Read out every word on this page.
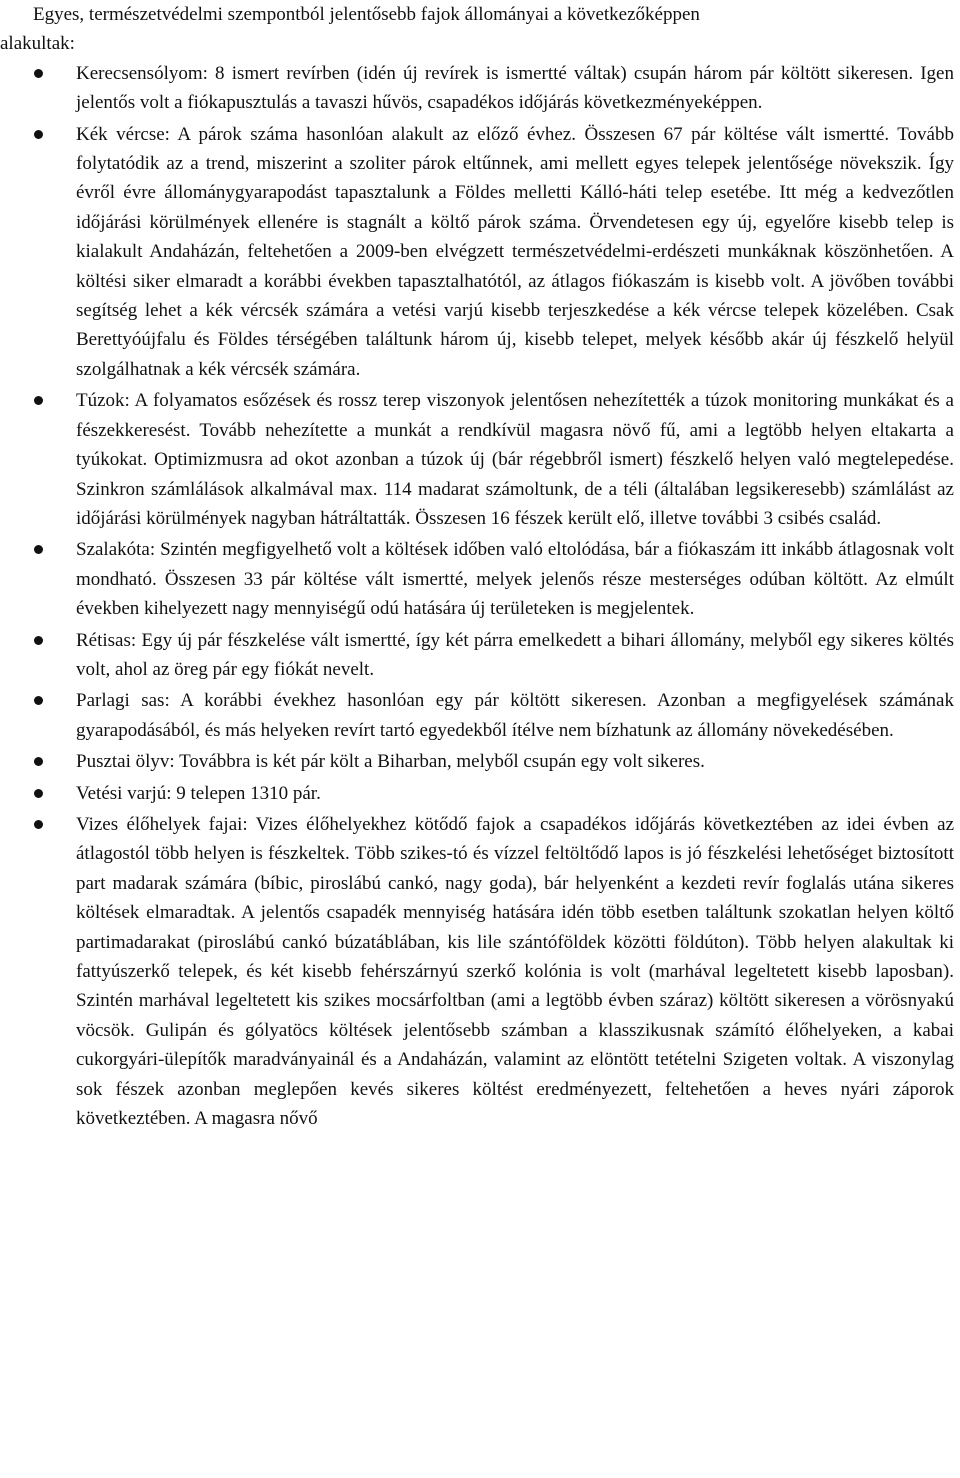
Egyes, természetvédelmi szempontból jelentősebb fajok állományai a következőképpen
alakultak:

Kerecsensólyom: 8 ismert revírben (idén új revírek is ismertté váltak) csupán három pár költött sikeresen. Igen jelentős volt a fiókapusztulás a tavaszi hűvös, csapadékos időjárás következményeképpen.
Kék vércse: A párok száma hasonlóan alakult az előző évhez. Összesen 67 pár költése vált ismertté. Tovább folytatódik az a trend, miszerint a szoliter párok eltűnnek, ami mellett egyes telepek jelentősége növekszik. Így évről évre állománygyarapodást tapasztalunk a Földes melletti Kálló-háti telep esetébe. Itt még a kedvezőtlen időjárási körülmények ellenére is stagnált a költő párok száma. Örvendetesen egy új, egyelőre kisebb telep is kialakult Andaházán, feltehetően a 2009-ben elvégzett természetvédelmi-erdészeti munkáknak köszönhetően. A költési siker elmaradt a korábbi években tapasztalhatótól, az átlagos fiókaszám is kisebb volt. A jövőben további segítség lehet a kék vércsék számára a vetési varjú kisebb terjeszkedése a kék vércse telepek közelében. Csak Berettyóújfalu és Földes térségében találtunk három új, kisebb telepet, melyek később akár új fészkelő helyül szolgálhatnak a kék vércsék számára.
Túzok: A folyamatos esőzések és rossz terep viszonyok jelentősen nehezítették a túzok monitoring munkákat és a fészekkeresést. Tovább nehezítette a munkát a rendkívül magasra növő fű, ami a legtöbb helyen eltakarta a tyúkokat. Optimizmusra ad okot azonban a túzok új (bár régebbről ismert) fészkelő helyen való megtelepedése. Szinkron számlálások alkalmával max. 114 madarat számoltunk, de a téli (általában legsikeresebb) számlálást az időjárási körülmények nagyban hátráltatták. Összesen 16 fészek került elő, illetve további 3 csibés család.
Szalakóta: Szintén megfigyelhető volt a költések időben való eltolódása, bár a fiókaszám itt inkább átlagosnak volt mondható. Összesen 33 pár költése vált ismertté, melyek jelenős része mesterséges odúban költött. Az elmúlt években kihelyezett nagy mennyiségű odú hatására új területeken is megjelentek.
Rétisas: Egy új pár fészkelése vált ismertté, így két párra emelkedett a bihari állomány, melyből egy sikeres költés volt, ahol az öreg pár egy fiókát nevelt.
Parlagi sas: A korábbi évekhez hasonlóan egy pár költött sikeresen. Azonban a megfigyelések számának gyarapodásából, és más helyeken revírt tartó egyedekből ítélve nem bízhatunk az állomány növekedésében.
Pusztai ölyv: Továbbra is két pár költ a Biharban, melyből csupán egy volt sikeres.
Vetési varjú: 9 telepen 1310 pár.
Vizes élőhelyek fajai: Vizes élőhelyekhez kötődő fajok a csapadékos időjárás következtében az idei évben az átlagostól több helyen is fészkeltek. Több szikes-tó és vízzel feltöltődő lapos is jó fészkelési lehetőséget biztosított part madarak számára (bíbic, piroslábú cankó, nagy goda), bár helyenként a kezdeti revír foglalás utána sikeres költések elmaradtak. A jelentős csapadék mennyiség hatására idén több esetben találtunk szokatlan helyen költő partimadarakat (piroslábú cankó búzatáblában, kis lile szántóföldek közötti földúton). Több helyen alakultak ki fattyúszerkő telepek, és két kisebb fehérszárnyú szerkő kolónia is volt (marhával legeltetett kisebb laposban). Szintén marhával legeltetett kis szikes mocsárfoltban (ami a legtöbb évben száraz) költött sikeresen a vörösnyakú vöcsök. Gulipán és gólyatöcs költések jelentősebb számban a klasszikusnak számító élőhelyeken, a kabai cukorgyári-ülepítők maradványainál és a Andaházán, valamint az elöntött tetételni Szigeten voltak. A viszonylag sok fészek azonban meglepően kevés sikeres költést eredményezett, feltehetően a heves nyári záporok következtében. A magasra nővő
